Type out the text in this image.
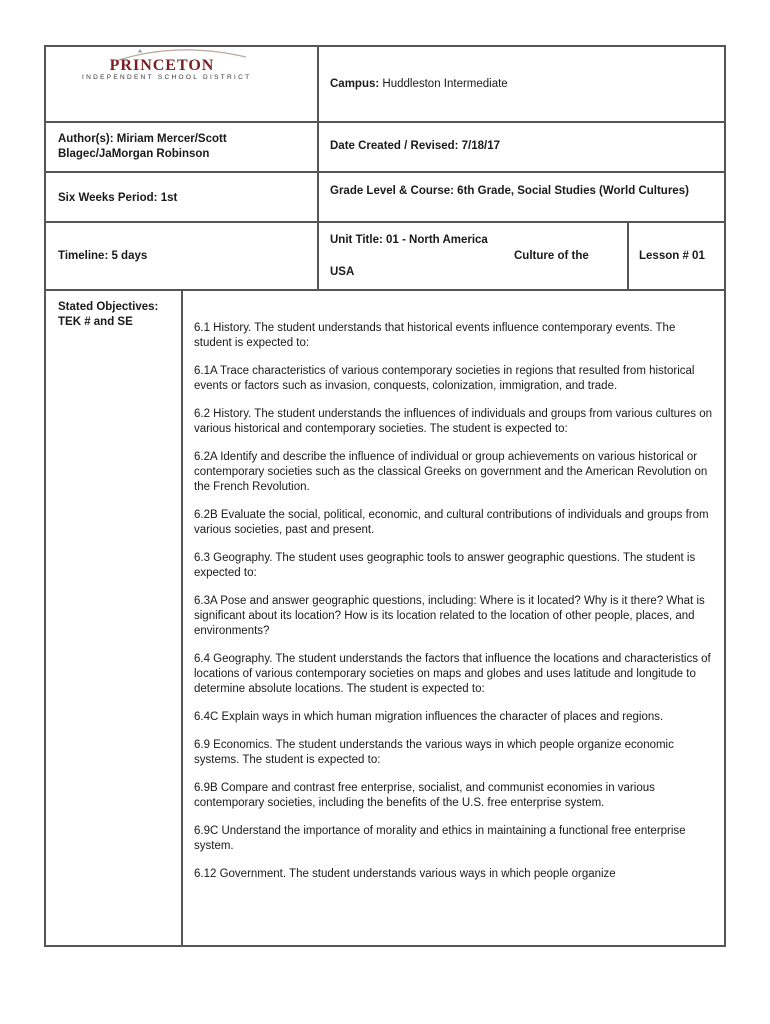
PRINCETON
INDEPENDENT SCHOOL DISTRICT
Campus: Huddleston Intermediate
Author(s): Miriam Mercer/Scott Blagec/JaMorgan Robinson
Date Created / Revised: 7/18/17
Six Weeks Period: 1st
Grade Level & Course: 6th Grade, Social Studies (World Cultures)
Timeline: 5 days
Unit Title: 01 - North America
Culture of the
USA
Lesson # 01
Stated Objectives: TEK # and SE	6.1 History. The student understands that historical events influence contemporary events. The student is expected to:

6.1A Trace characteristics of various contemporary societies in regions that resulted from historical events or factors such as invasion, conquests, colonization, immigration, and trade.

6.2 History. The student understands the influences of individuals and groups from various cultures on various historical and contemporary societies. The student is expected to:

6.2A Identify and describe the influence of individual or group achievements on various historical or contemporary societies such as the classical Greeks on government and the American Revolution on the French Revolution.

6.2B Evaluate the social, political, economic, and cultural contributions of individuals and groups from various societies, past and present.

6.3 Geography. The student uses geographic tools to answer geographic questions. The student is expected to:

6.3A Pose and answer geographic questions, including: Where is it located? Why is it there? What is significant about its location? How is its location related to the location of other people, places, and environments?

6.4 Geography. The student understands the factors that influence the locations and characteristics of locations of various contemporary societies on maps and globes and uses latitude and longitude to determine absolute locations. The student is expected to:

6.4C Explain ways in which human migration influences the character of places and regions.

6.9 Economics. The student understands the various ways in which people organize economic systems. The student is expected to:

6.9B Compare and contrast free enterprise, socialist, and communist economies in various contemporary societies, including the benefits of the U.S. free enterprise system.

6.9C Understand the importance of morality and ethics in maintaining a functional free enterprise system.

6.12 Government. The student understands various ways in which people organize
